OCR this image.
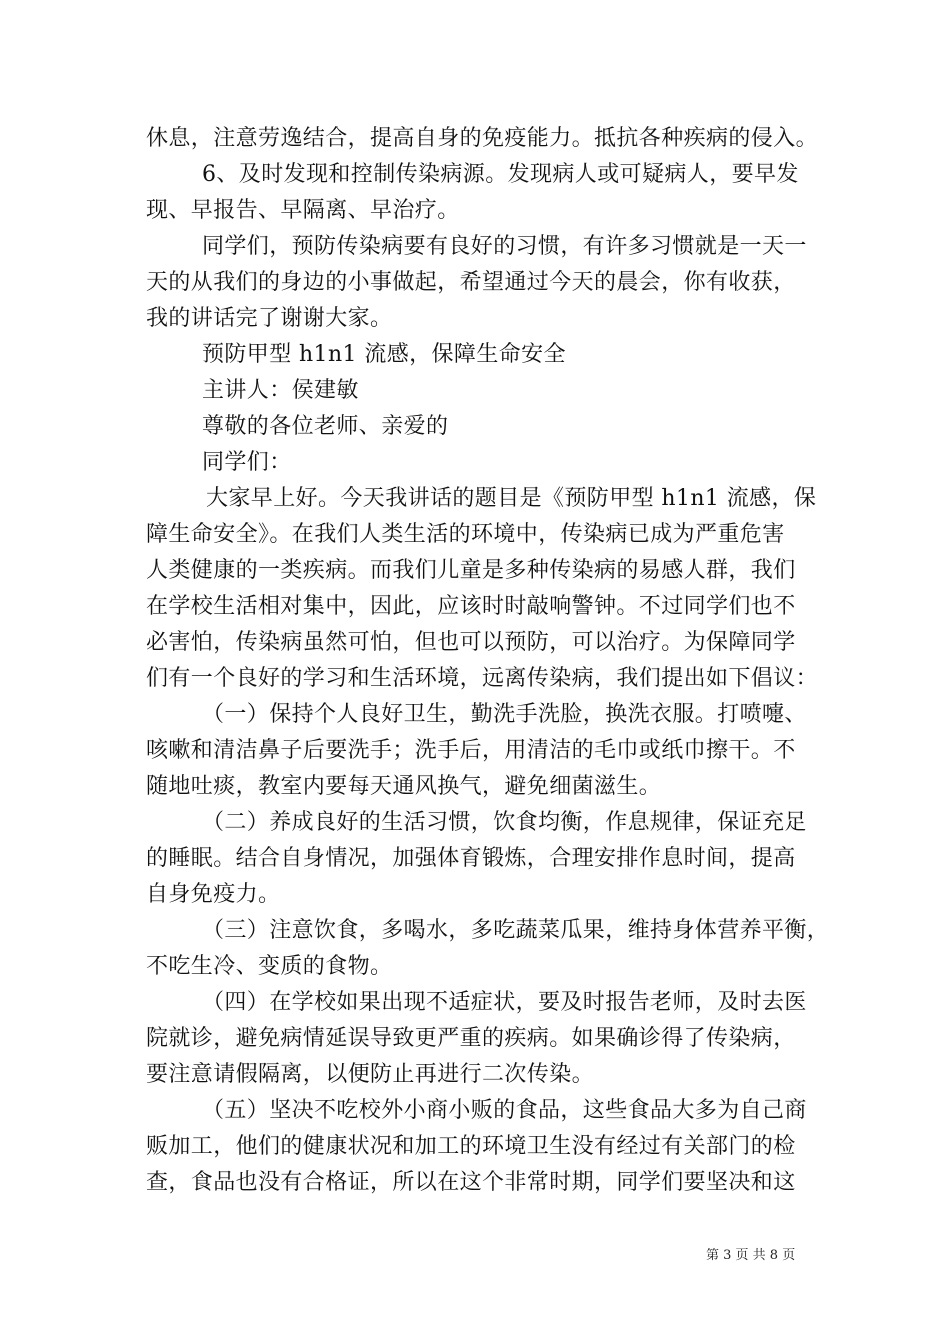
休息，注意劳逸结合，提高自身的免疫能力。抵抗各种疾病的侵入。
6、及时发现和控制传染病源。发现病人或可疑病人，要早发
现、早报告、早隔离、早治疗。
同学们，预防传染病要有良好的习惯，有许多习惯就是一天一
天的从我们的身边的小事做起，希望通过今天的晨会，你有收获，
我的讲话完了谢谢大家。
预防甲型 h1n1 流感，保障生命安全
主讲人：侯建敏
尊敬的各位老师、亲爱的
同学们：
大家早上好。今天我讲话的题目是《预防甲型 h1n1 流感，保
障生命安全》。在我们人类生活的环境中，传染病已成为严重危害
人类健康的一类疾病。而我们儿童是多种传染病的易感人群，我们
在学校生活相对集中，因此，应该时时敲响警钟。不过同学们也不
必害怕，传染病虽然可怕，但也可以预防，可以治疗。为保障同学
们有一个良好的学习和生活环境，远离传染病，我们提出如下倡议：
（一）保持个人良好卫生，勤洗手洗脸，换洗衣服。打喷嚏、
咳嗽和清洁鼻子后要洗手；洗手后，用清洁的毛巾或纸巾擦干。不
随地吐痰，教室内要每天通风换气，避免细菌滋生。
（二）养成良好的生活习惯，饮食均衡，作息规律，保证充足
的睡眠。结合自身情况，加强体育锻炼，合理安排作息时间，提高
自身免疫力。
（三）注意饮食，多喝水，多吃蔬菜瓜果，维持身体营养平衡，
不吃生冷、变质的食物。
（四）在学校如果出现不适症状，要及时报告老师，及时去医
院就诊，避免病情延误导致更严重的疾病。如果确诊得了传染病，
要注意请假隔离，以便防止再进行二次传染。
（五）坚决不吃校外小商小贩的食品，这些食品大多为自己商
贩加工，他们的健康状况和加工的环境卫生没有经过有关部门的检
查，食品也没有合格证，所以在这个非常时期，同学们要坚决和这
第 3 页 共 8 页
